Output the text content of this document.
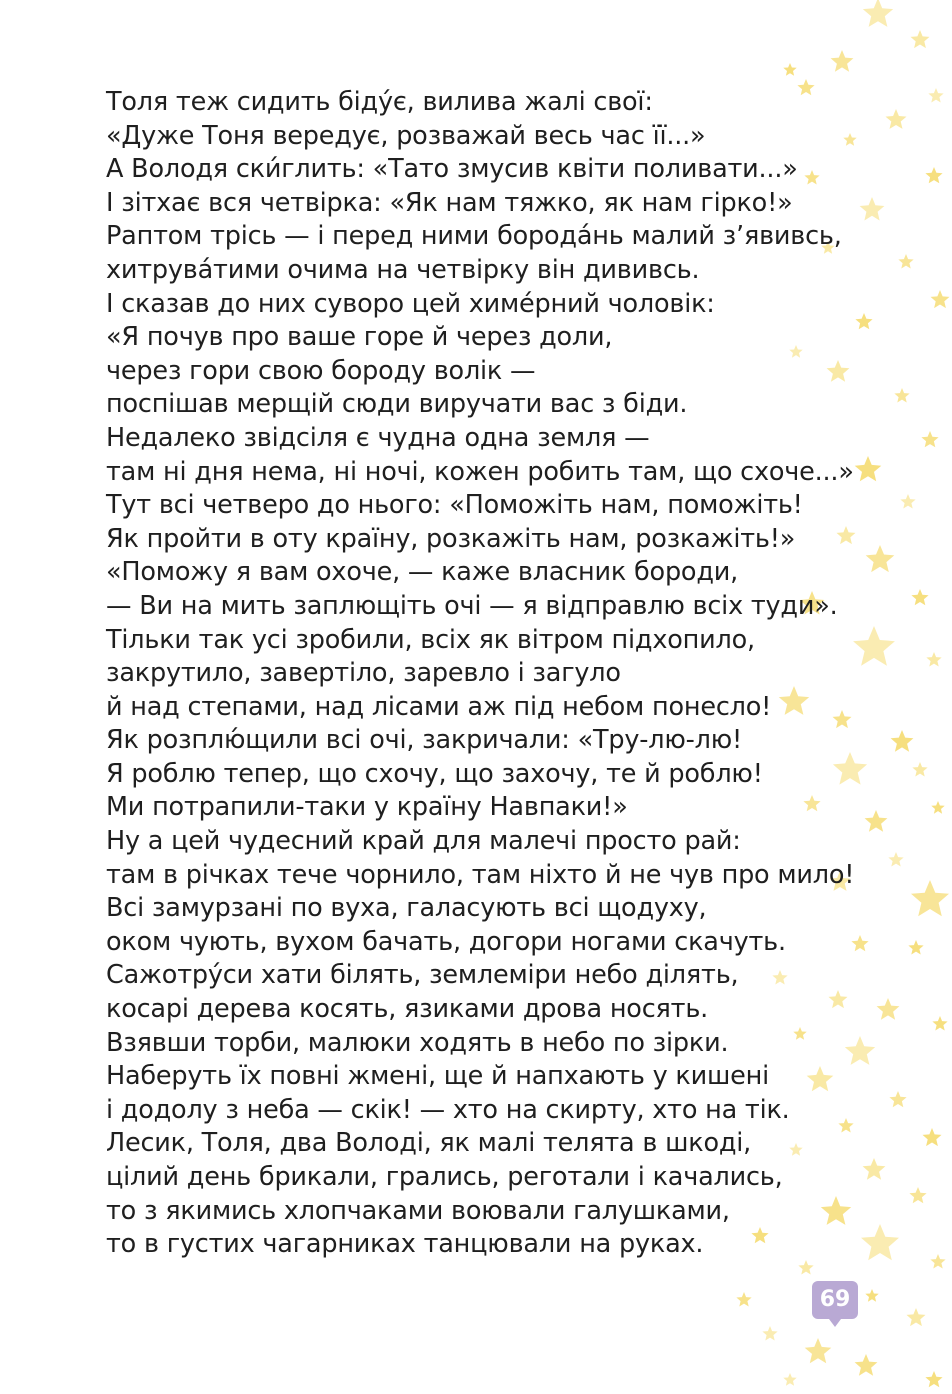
Толя теж сидить біду́є, вилива жалі свої:
«Дуже Тоня вередує, розважай весь час її...»
А Володя ски́глить: «Тато змусив квіти поливати...»
І зітхає вся четвірка: «Як нам тяжко, як нам гірко!»
Раптом трісь — і перед ними борода́нь малий з’явивсь,
хитрува́тими очима на четвірку він дививсь.
І сказав до них суворо цей химе́рний чоловік:
«Я почув про ваше горе й через доли,
через гори свою бороду волік —
поспішав мерщій сюди виручати вас з біди.
Недалеко звідсіля є чудна одна земля —
там ні дня нема, ні ночі, кожен робить там, що схоче...»
Тут всі четверо до нього: «Поможіть нам, поможіть!
Як пройти в оту країну, розкажіть нам, розкажіть!»
«Поможу я вам охоче, — каже власник бороди,
— Ви на мить заплющіть очі — я відправлю всіх туди».
Тільки так усі зробили, всіх як вітром підхопило,
закрутило, завертіло, заревло і загуло
й над степами, над лісами аж під небом понесло!
Як розплю́щили всі очі, закричали: «Тру-лю-лю!
Я роблю тепер, що схочу, що захочу, те й роблю!
Ми потрапили-таки у країну Навпаки!»
Ну а цей чудесний край для малечі просто рай:
там в річках тече чорнило, там ніхто й не чув про мило!
Всі замурзані по вуха, галасують всі щодуху,
оком чують, вухом бачать, догори ногами скачуть.
Сажотру́си хати білять, землеміри небо ділять,
косарі дерева косять, язиками дрова носять.
Взявши торби, малюки ходять в небо по зірки.
Наберуть їх повні жмені, ще й напхають у кишені
і додолу з неба — скік! — хто на скирту, хто на тік.
Лесик, Толя, два Володі, як малі телята в шкоді,
цілий день брикали, грались, реготали і качались,
то з якимись хлопчаками воювали галушками,
то в густих чагарниках танцювали на руках.
69
